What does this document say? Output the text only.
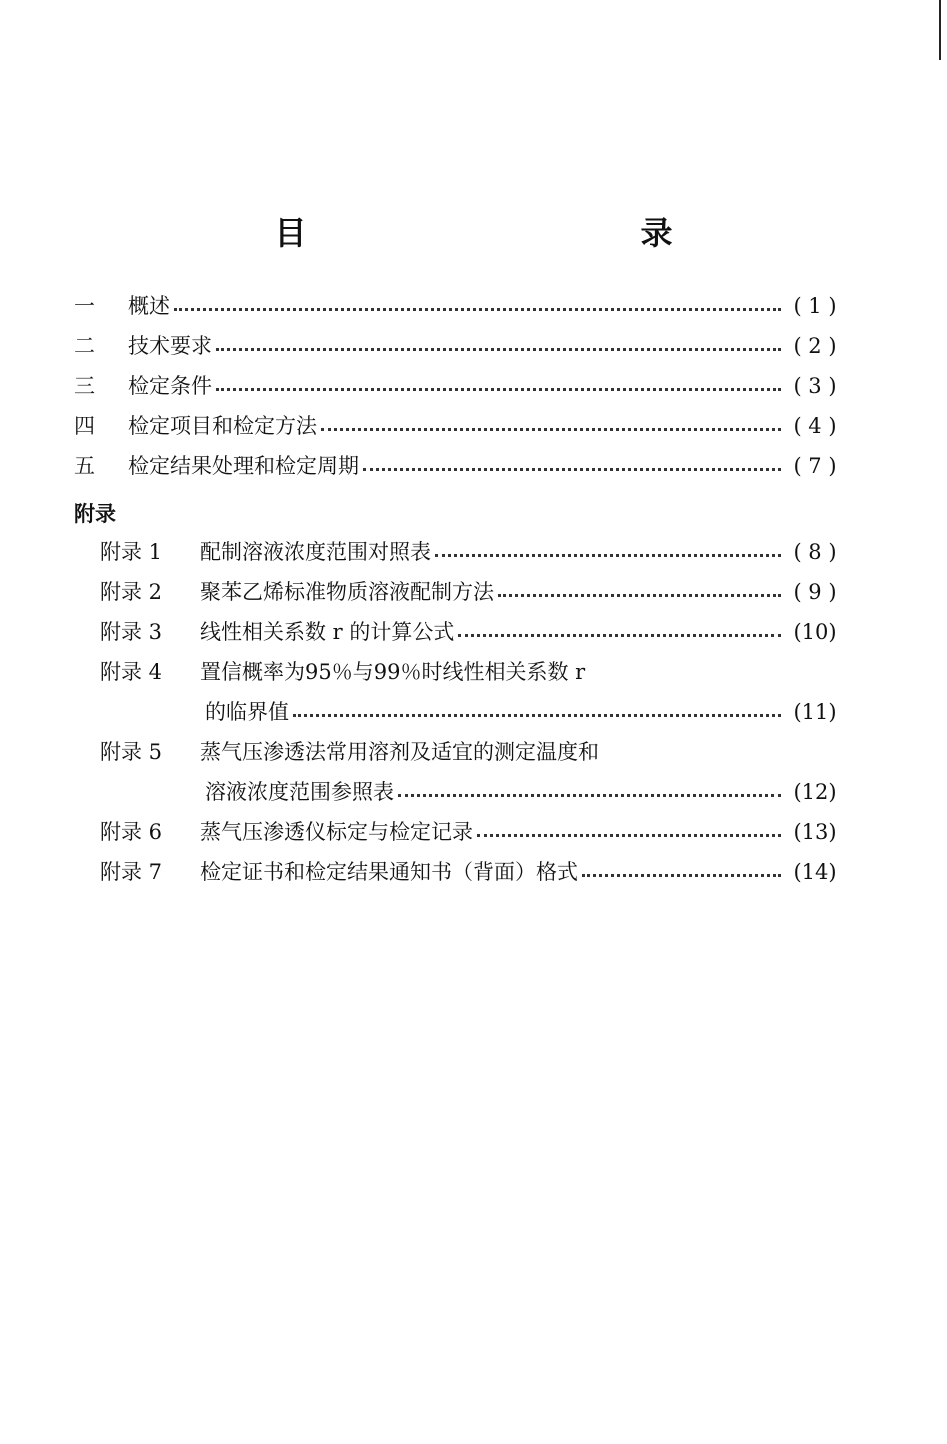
目　　录
一	概述	( 1 )
二	技术要求	( 2 )
三	检定条件	( 3 )
四	检定项目和检定方法	( 4 )
五	检定结果处理和检定周期	( 7 )
附录
附录 1	配制溶液浓度范围对照表	( 8 )
附录 2	聚苯乙烯标准物质溶液配制方法	( 9 )
附录 3	线性相关系数 r 的计算公式	(10)
附录 4	置信概率为95％与99％时线性相关系数 r
的临界值	(11)
附录 5	蒸气压渗透法常用溶剂及适宜的测定温度和
溶液浓度范围参照表	(12)
附录 6	蒸气压渗透仪标定与检定记录	(13)
附录 7	检定证书和检定结果通知书（背面）格式	(14)
